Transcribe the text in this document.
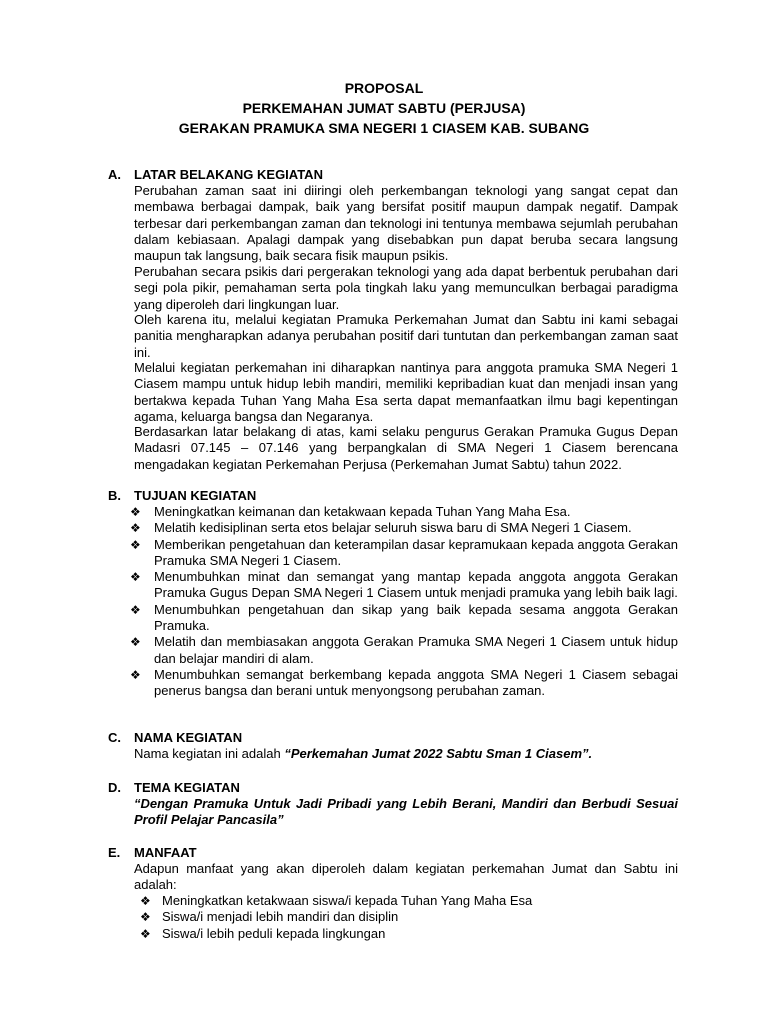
PROPOSAL
PERKEMAHAN JUMAT SABTU (PERJUSA)
GERAKAN PRAMUKA SMA NEGERI 1 CIASEM KAB. SUBANG
A. LATAR BELAKANG KEGIATAN

Perubahan zaman saat ini diiringi oleh perkembangan teknologi yang sangat cepat dan membawa berbagai dampak, baik yang bersifat positif maupun dampak negatif. Dampak terbesar dari perkembangan zaman dan teknologi ini tentunya membawa sejumlah perubahan dalam kebiasaan. Apalagi dampak yang disebabkan pun dapat beruba secara langsung maupun tak langsung, baik secara fisik maupun psikis.

Perubahan secara psikis dari pergerakan teknologi yang ada dapat berbentuk perubahan dari segi pola pikir, pemahaman serta pola tingkah laku yang memunculkan berbagai paradigma yang diperoleh dari lingkungan luar.

Oleh karena itu, melalui kegiatan Pramuka Perkemahan Jumat dan Sabtu ini kami sebagai panitia mengharapkan adanya perubahan positif dari tuntutan dan perkembangan zaman saat ini.

Melalui kegiatan perkemahan ini diharapkan nantinya para anggota pramuka SMA Negeri 1 Ciasem mampu untuk hidup lebih mandiri, memiliki kepribadian kuat dan menjadi insan yang bertakwa kepada Tuhan Yang Maha Esa serta dapat memanfaatkan ilmu bagi kepentingan agama, keluarga bangsa dan Negaranya.

Berdasarkan latar belakang di atas, kami selaku pengurus Gerakan Pramuka Gugus Depan Madasri 07.145 – 07.146 yang berpangkalan di SMA Negeri 1 Ciasem berencana mengadakan kegiatan Perkemahan Perjusa (Perkemahan Jumat Sabtu) tahun 2022.

B. TUJUAN KEGIATAN
❖ Meningkatkan keimanan dan ketakwaan kepada Tuhan Yang Maha Esa.
❖ Melatih kedisiplinan serta etos belajar seluruh siswa baru di SMA Negeri 1 Ciasem.
❖ Memberikan pengetahuan dan keterampilan dasar kepramukaan kepada anggota Gerakan Pramuka SMA Negeri 1 Ciasem.
❖ Menumbuhkan minat dan semangat yang mantap kepada anggota anggota Gerakan Pramuka Gugus Depan SMA Negeri 1 Ciasem untuk menjadi pramuka yang lebih baik lagi.
❖ Menumbuhkan pengetahuan dan sikap yang baik kepada sesama anggota Gerakan Pramuka.
❖ Melatih dan membiasakan anggota Gerakan Pramuka SMA Negeri 1 Ciasem untuk hidup dan belajar mandiri di alam.
❖ Menumbuhkan semangat berkembang kepada anggota SMA Negeri 1 Ciasem sebagai penerus bangsa dan berani untuk menyongsong perubahan zaman.
C. NAMA KEGIATAN

Nama kegiatan ini adalah “Perkemahan Jumat 2022 Sabtu Sman 1 Ciasem”.

D. TEMA KEGIATAN

“Dengan Pramuka Untuk Jadi Pribadi yang Lebih Berani, Mandiri dan Berbudi Sesuai Profil Pelajar Pancasila”

E. MANFAAT

Adapun manfaat yang akan diperoleh dalam kegiatan perkemahan Jumat dan Sabtu ini adalah:

❖ Meningkatkan ketakwaan siswa/i kepada Tuhan Yang Maha Esa
❖ Siswa/i menjadi lebih mandiri dan disiplin
❖ Siswa/i lebih peduli kepada lingkungan
